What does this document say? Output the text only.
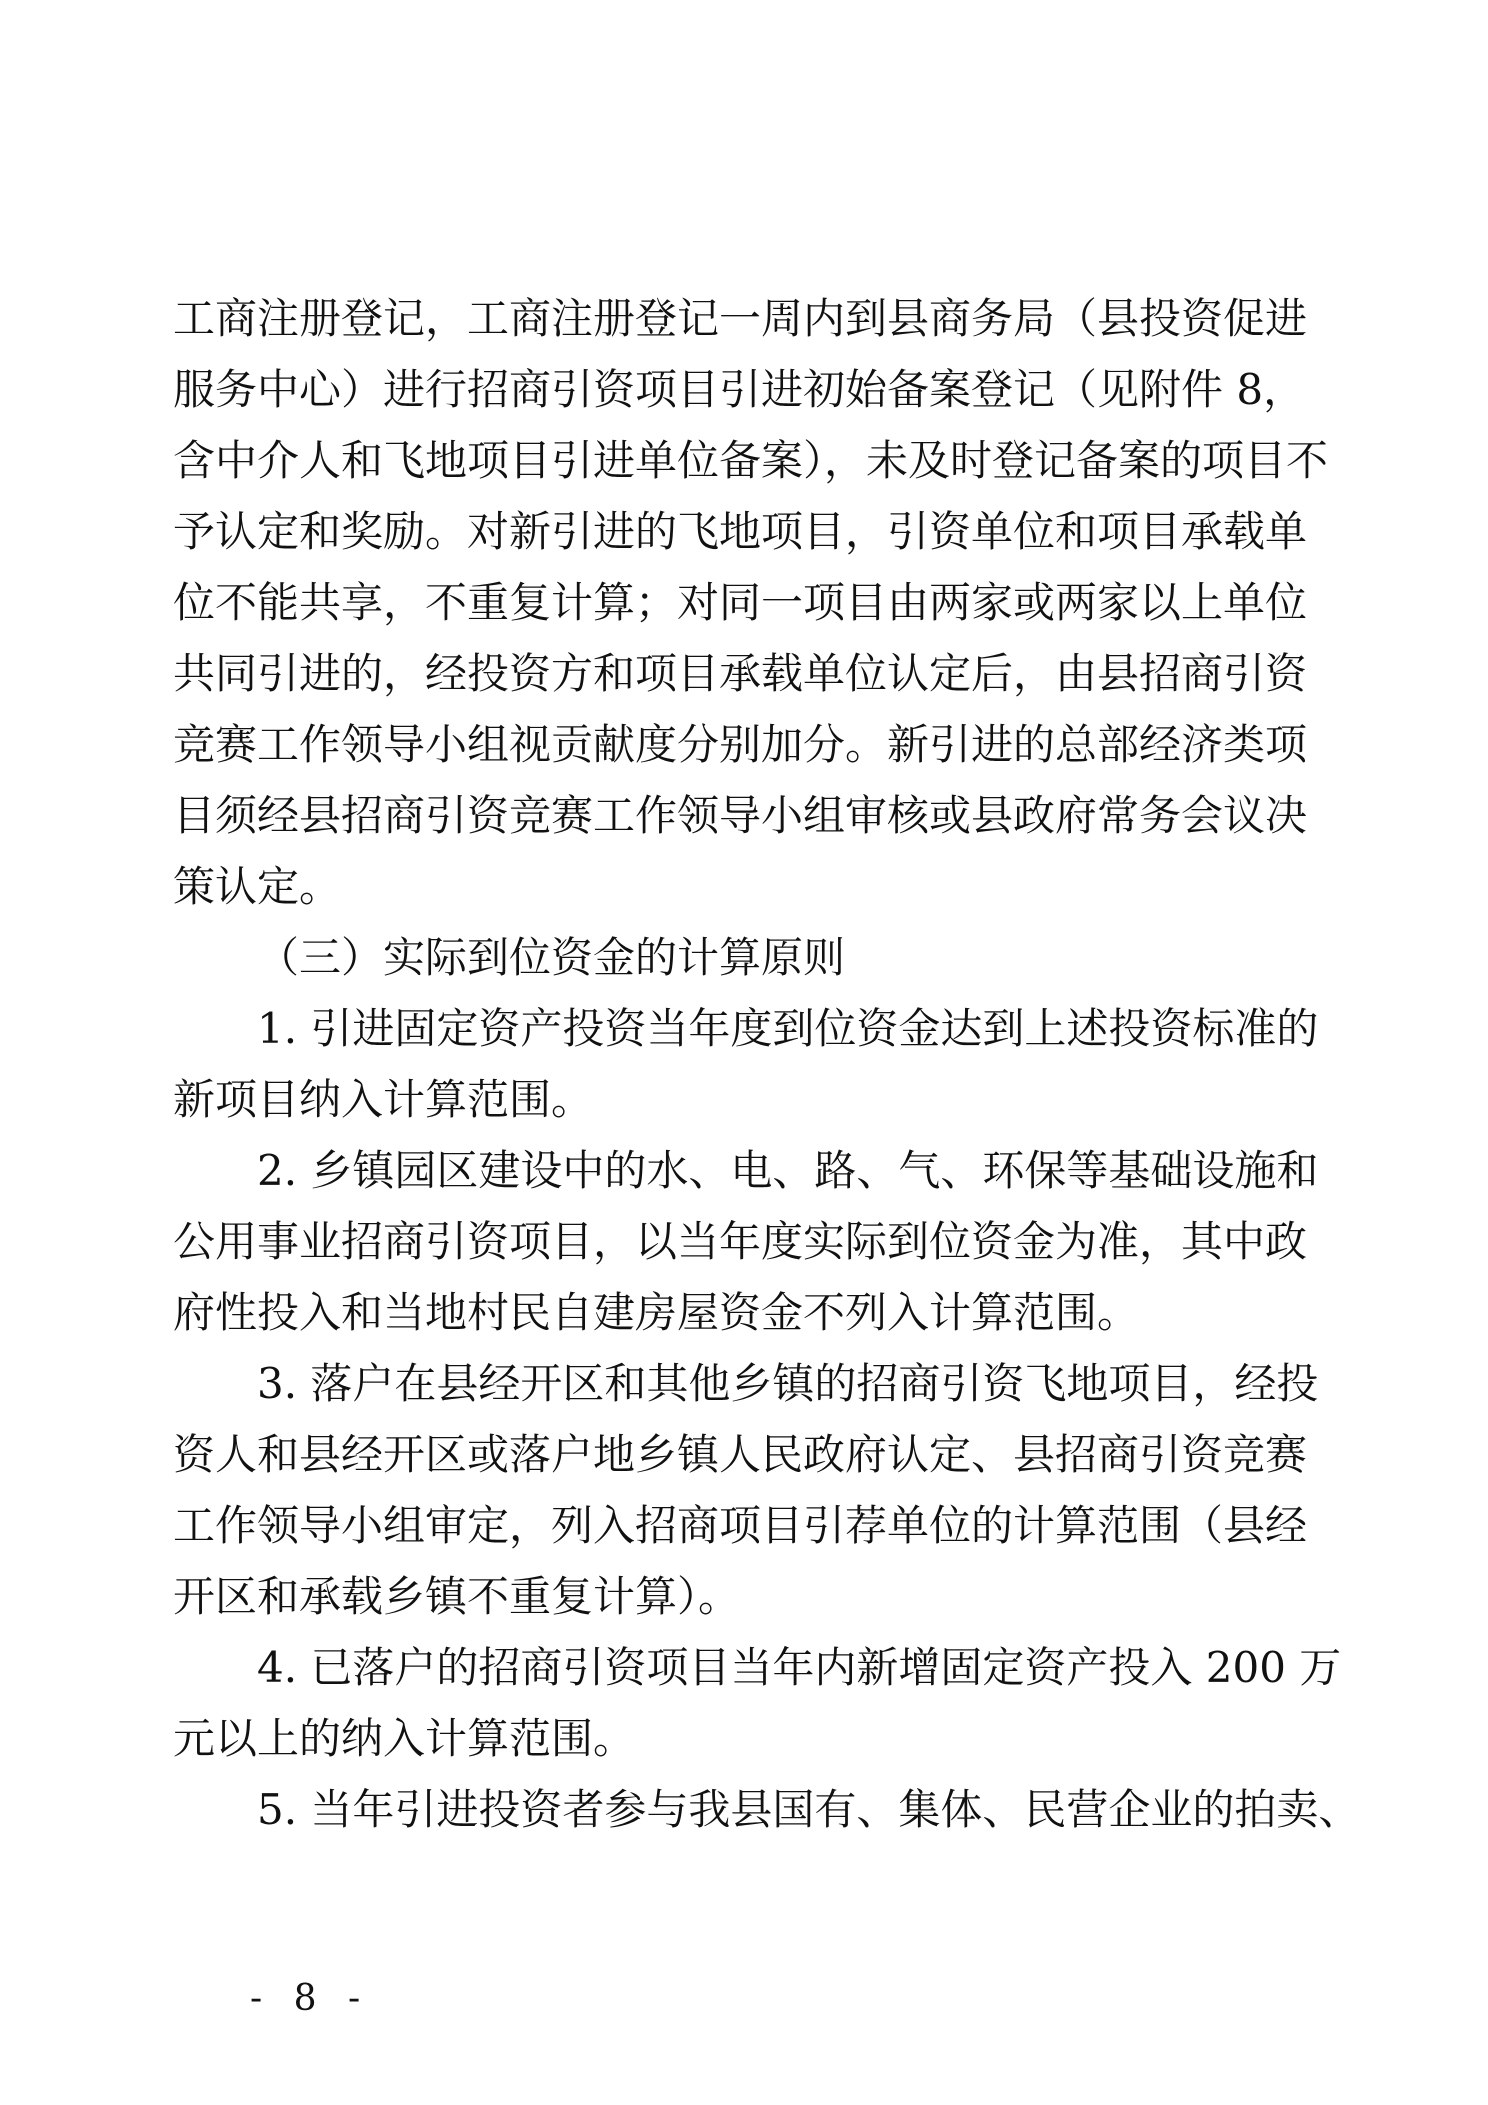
工商注册登记，工商注册登记一周内到县商务局（县投资促进
服务中心）进行招商引资项目引进初始备案登记（见附件 8，
含中介人和飞地项目引进单位备案），未及时登记备案的项目不
予认定和奖励。对新引进的飞地项目，引资单位和项目承载单
位不能共享，不重复计算；对同一项目由两家或两家以上单位
共同引进的，经投资方和项目承载单位认定后，由县招商引资
竞赛工作领导小组视贡献度分别加分。新引进的总部经济类项
目须经县招商引资竞赛工作领导小组审核或县政府常务会议决
策认定。
（三）实际到位资金的计算原则
1. 引进固定资产投资当年度到位资金达到上述投资标准的
新项目纳入计算范围。
2. 乡镇园区建设中的水、电、路、气、环保等基础设施和
公用事业招商引资项目，以当年度实际到位资金为准，其中政
府性投入和当地村民自建房屋资金不列入计算范围。
3. 落户在县经开区和其他乡镇的招商引资飞地项目，经投
资人和县经开区或落户地乡镇人民政府认定、县招商引资竞赛
工作领导小组审定，列入招商项目引荐单位的计算范围（县经
开区和承载乡镇不重复计算）。
4. 已落户的招商引资项目当年内新增固定资产投入 200 万
元以上的纳入计算范围。
5. 当年引进投资者参与我县国有、集体、民营企业的拍卖、
- 8 -
